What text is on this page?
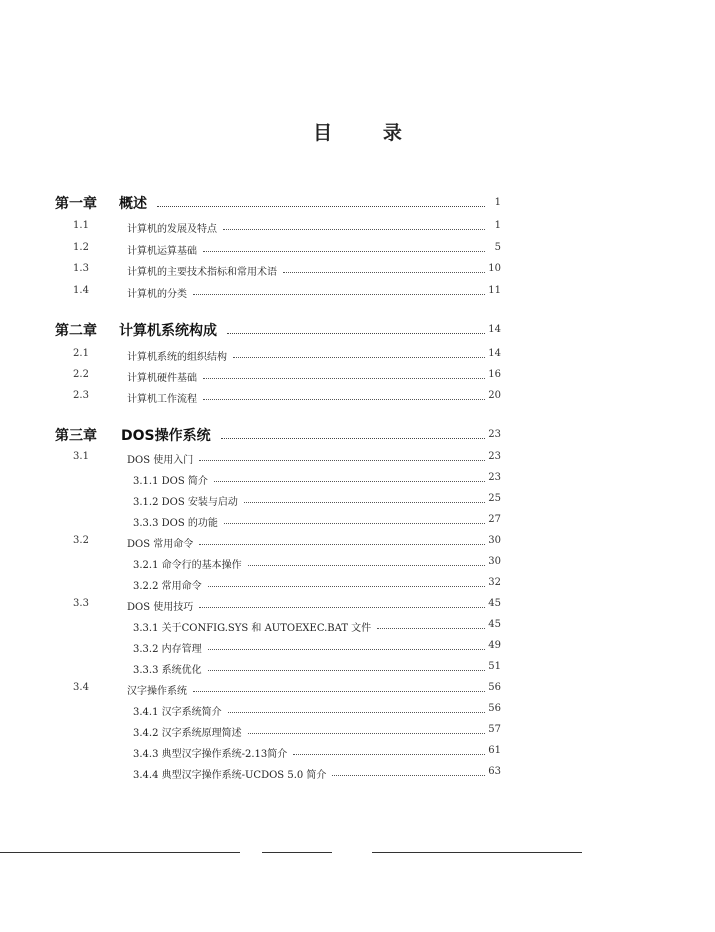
目	录
第一章 概述	1
1.1	计算机的发展及特点	1
1.2	计算机运算基础	5
1.3	计算机的主要技术指标和常用术语	10
1.4	计算机的分类	11
第二章 计算机系统构成	14
2.1	计算机系统的组织结构	14
2.2	计算机硬件基础	16
2.3	计算机工作流程	20
第三章 DOS操作系统	23
3.1	DOS 使用入门	23
3.1.1 DOS 简介	23
3.1.2 DOS 安装与启动	25
3.3.3 DOS 的功能	27
3.2	DOS 常用命令	30
3.2.1 命令行的基本操作	30
3.2.2 常用命令	32
3.3	DOS 使用技巧	45
3.3.1 关于CONFIG.SYS 和 AUTOEXEC.BAT 文件	45
3.3.2 内存管理	49
3.3.3 系统优化	51
3.4	汉字操作系统	56
3.4.1 汉字系统简介	56
3.4.2 汉字系统原理简述	57
3.4.3 典型汉字操作系统-2.13简介	61
3.4.4 典型汉字操作系统-UCDOS 5.0 简介	63
